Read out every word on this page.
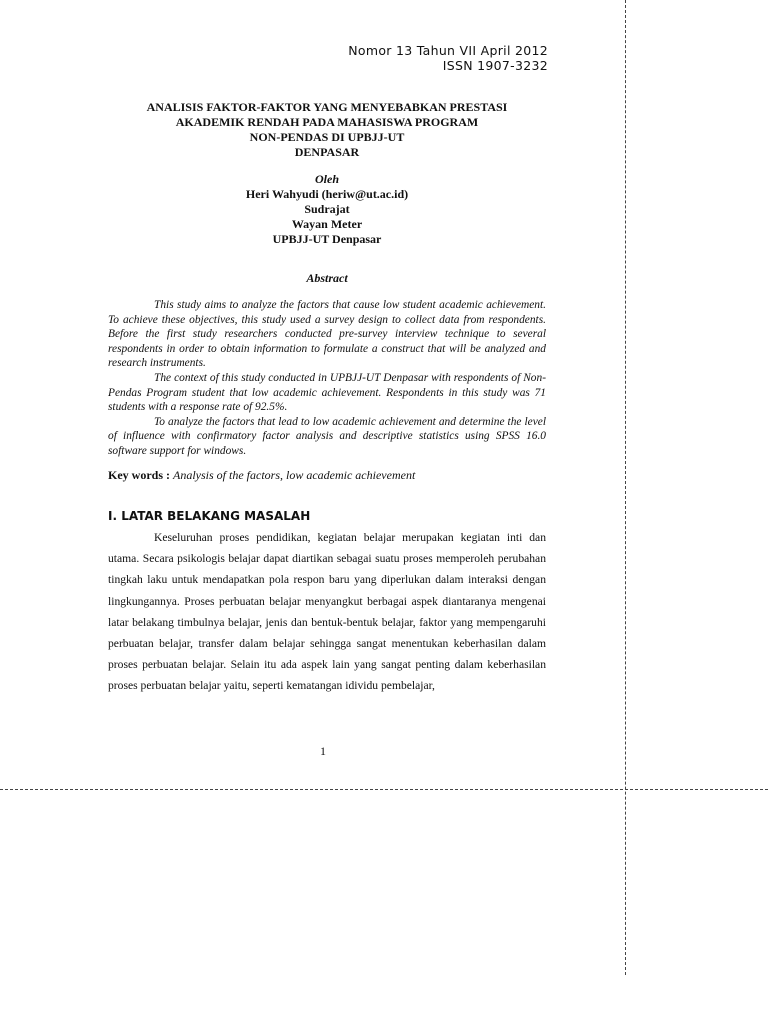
Nomor 13 Tahun VII April 2012
ISSN 1907-3232
ANALISIS FAKTOR-FAKTOR YANG MENYEBABKAN PRESTASI
AKADEMIK RENDAH PADA MAHASISWA PROGRAM
NON-PENDAS DI UPBJJ-UT
DENPASAR
Oleh
Heri Wahyudi (heriw@ut.ac.id)
Sudrajat
Wayan Meter
UPBJJ-UT Denpasar
Abstract

This study aims to analyze the factors that cause low student academic achievement. To achieve these objectives, this study used a survey design to collect data from respondents. Before the first study researchers conducted pre-survey interview technique to several respondents in order to obtain information to formulate a construct that will be analyzed and research instruments.

The context of this study conducted in UPBJJ-UT Denpasar with respondents of Non-Pendas Program student that low academic achievement. Respondents in this study was 71 students with a response rate of 92.5%.

To analyze the factors that lead to low academic achievement and determine the level of influence with confirmatory factor analysis and descriptive statistics using SPSS 16.0 software support for windows.

Key words : Analysis of the factors, low academic achievement
I. LATAR BELAKANG MASALAH

Keseluruhan proses pendidikan, kegiatan belajar merupakan kegiatan inti dan utama. Secara psikologis belajar dapat diartikan sebagai suatu proses memperoleh perubahan tingkah laku untuk mendapatkan pola respon baru yang diperlukan dalam interaksi dengan lingkungannya. Proses perbuatan belajar menyangkut berbagai aspek diantaranya mengenai latar belakang timbulnya belajar, jenis dan bentuk-bentuk belajar, faktor yang mempengaruhi perbuatan belajar, transfer dalam belajar sehingga sangat menentukan keberhasilan dalam proses perbuatan belajar. Selain itu ada aspek lain yang sangat penting dalam keberhasilan proses perbuatan belajar yaitu, seperti kematangan idividu pembelajar,

1
